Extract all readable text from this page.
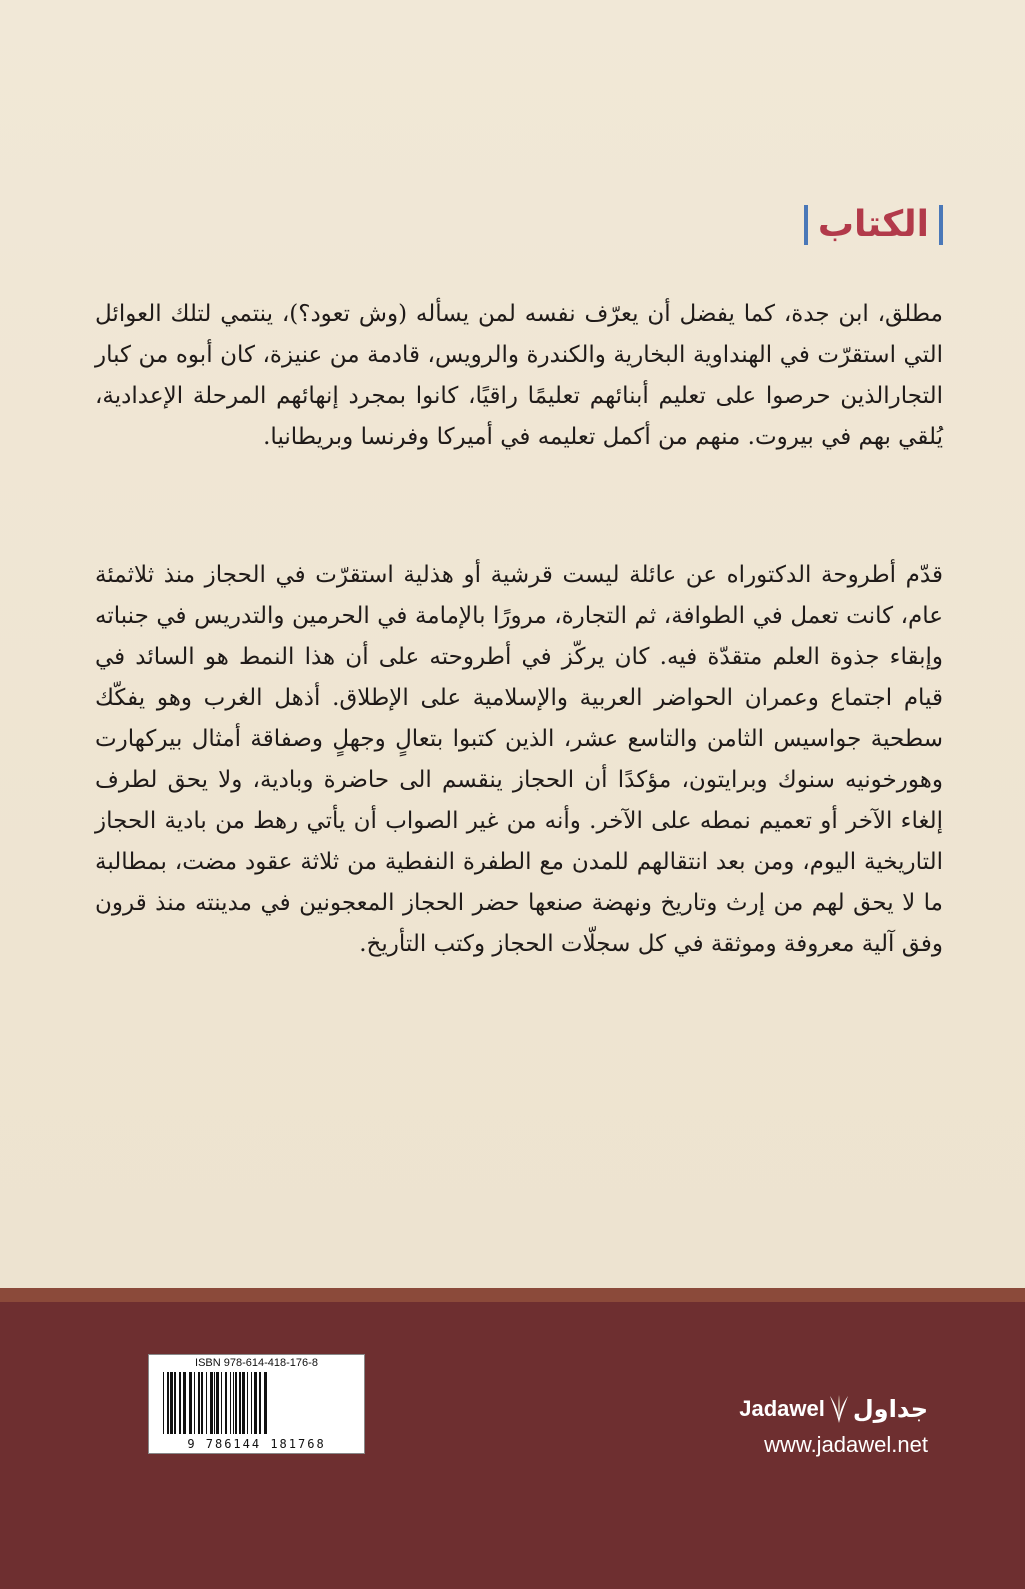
الكتاب

مطلق، ابن جدة، كما يفضل أن يعرّف نفسه لمن يسأله (وش تعود؟)، ينتمي لتلك العوائل التي استقرّت في الهنداوية البخارية والكندرة والرويس، قادمة من عنيزة، كان أبوه من كبار التجارالذين حرصوا على تعليم أبنائهم تعليمًا راقيًا، كانوا بمجرد إنهائهم المرحلة الإعدادية، يُلقي بهم في بيروت. منهم من أكمل تعليمه في أميركا وفرنسا وبريطانيا.

قدّم أطروحة الدكتوراه عن عائلة ليست قرشية أو هذلية استقرّت في الحجاز منذ ثلاثمئة عام، كانت تعمل في الطوافة، ثم التجارة، مرورًا بالإمامة في الحرمين والتدريس في جنباته وإبقاء جذوة العلم متقدّة فيه. كان يركّز في أطروحته على أن هذا النمط هو السائد في قيام اجتماع وعمران الحواضر العربية والإسلامية على الإطلاق. أذهل الغرب وهو يفكّك سطحية جواسيس الثامن والتاسع عشر، الذين كتبوا بتعالٍ وجهلٍ وصفاقة أمثال بيركهارت وهورخونيه سنوك وبرايتون، مؤكدًا أن الحجاز ينقسم الى حاضرة وبادية، ولا يحق لطرف إلغاء الآخر أو تعميم نمطه على الآخر. وأنه من غير الصواب أن يأتي رهط من بادية الحجاز التاريخية اليوم، ومن بعد انتقالهم للمدن مع الطفرة النفطية من ثلاثة عقود مضت، بمطالبة ما لا يحق لهم من إرث وتاريخ ونهضة صنعها حضر الحجاز المعجونين في مدينته منذ قرون وفق آلية معروفة وموثقة في كل سجلّات الحجاز وكتب التأريخ.

ISBN 978-614-418-176-8
9 786144 181768
Jadawel جداول
www.jadawel.net
